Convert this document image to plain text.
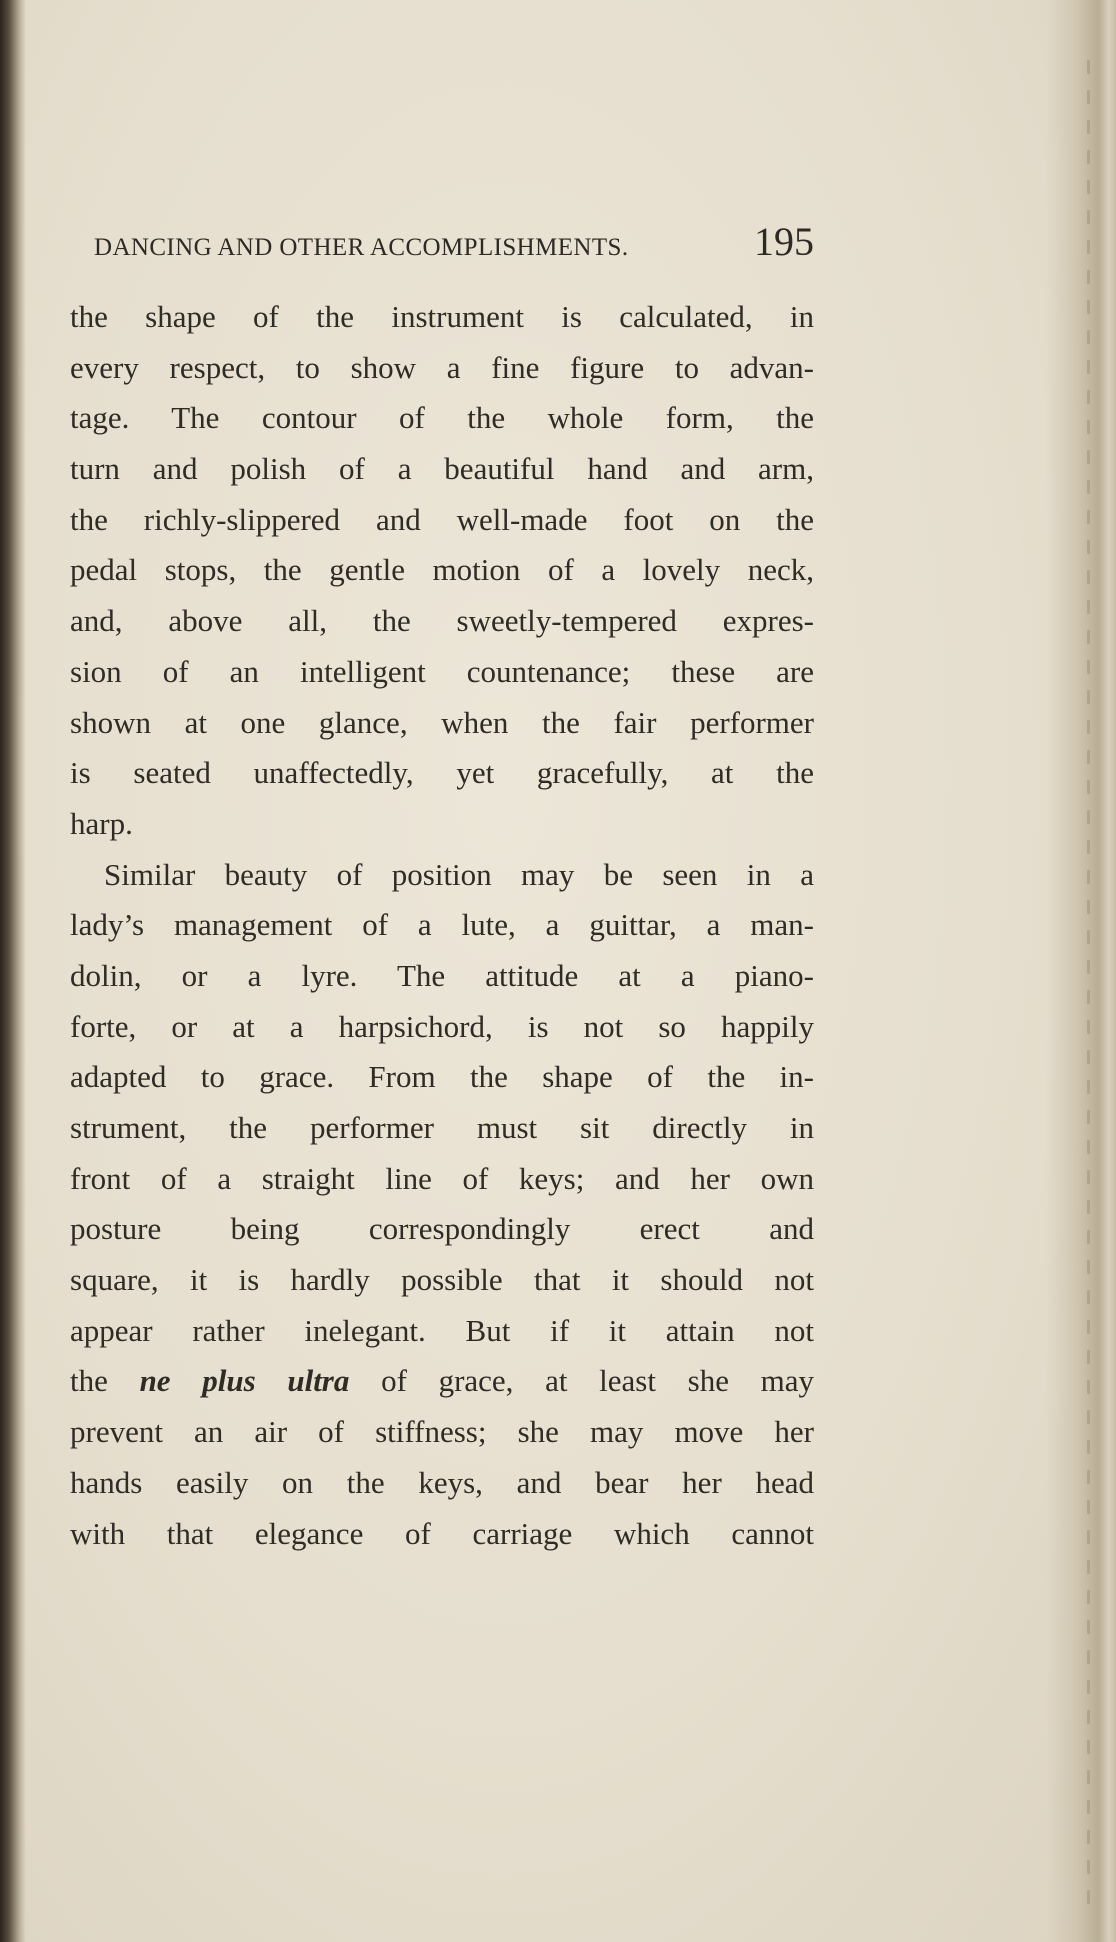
DANCING AND OTHER ACCOMPLISHMENTS.	195
the shape of the instrument is calculated, in
every respect, to show a fine figure to advan-
tage. The contour of the whole form, the
turn and polish of a beautiful hand and arm,
the richly-slippered and well-made foot on the
pedal stops, the gentle motion of a lovely neck,
and, above all, the sweetly-tempered expres-
sion of an intelligent countenance; these are
shown at one glance, when the fair performer
is seated unaffectedly, yet gracefully, at the
harp.
Similar beauty of position may be seen in a
lady’s management of a lute, a guittar, a man-
dolin, or a lyre. The attitude at a piano-
forte, or at a harpsichord, is not so happily
adapted to grace. From the shape of the in-
strument, the performer must sit directly in
front of a straight line of keys; and her own
posture being correspondingly erect and
square, it is hardly possible that it should not
appear rather inelegant. But if it attain not
the ne plus ultra of grace, at least she may
prevent an air of stiffness; she may move her
hands easily on the keys, and bear her head
with that elegance of carriage which cannot
